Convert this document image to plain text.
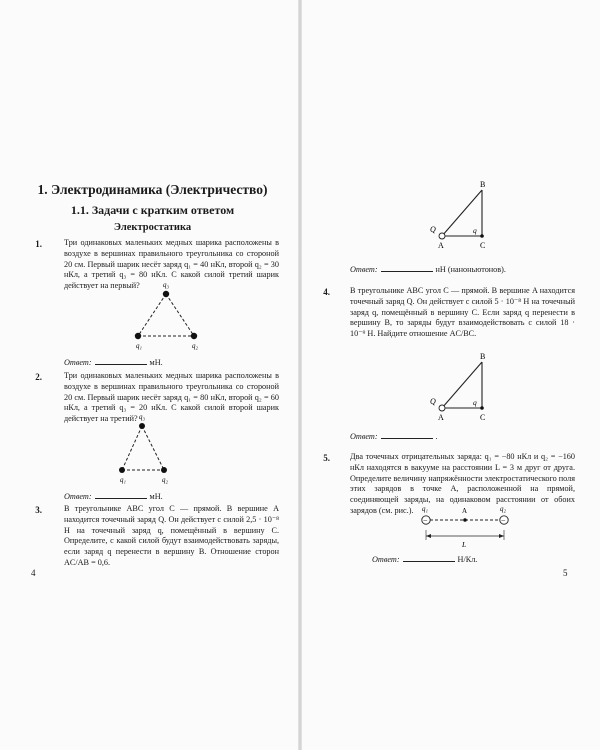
1. Электродинамика (Электричество)
1.1. Задачи с кратким ответом
Электростатика
1.	Три одинаковых маленьких медных шарика расположены в воздухе в вершинах правильного треугольника со стороной 20 см. Первый шарик несёт заряд q₁ = 40 нКл, второй q₂ = 30 нКл, а третий q₃ = 80 нКл. С какой силой третий шарик действует на первый?	q₃
q₁	q₂
Ответ:	мН.
2.	Три одинаковых маленьких медных шарика расположены в воздухе в вершинах правильного треугольника со стороной 20 см. Первый шарик несёт заряд q₁ = 80 нКл, второй q₂ = 60 нКл, а третий q₃ = 20 нКл. С какой силой второй шарик действует на третий? q₃
q₁	q₂
Ответ:	мН.
3.	В треугольнике ABC угол C — прямой. В вершине A находится точечный заряд Q. Он действует с силой 2,5 · 10⁻⁸ Н на точечный заряд q, помещённый в вершину C. Определите, с какой силой будут взаимодействовать заряды, если заряд q перенести в вершину B. Отношение сторон AC/AB = 0,6.
4
B
Q	q
A	C
Ответ:	нН (наноньютонов).
4. В треугольнике ABC угол C — прямой. В вершине A находится точечный заряд Q. Он действует с силой 5 · 10⁻⁸ Н на точечный заряд q, помещённый в вершину C. Если заряд q перенести в вершину B, то заряды будут взаимодействовать с силой 18 · 10⁻⁹ Н. Найдите отношение AC/BC.
B
Q	q
A	C
Ответ:	.
5. Два точечных отрицательных заряда: q₁ = −80 нКл и q₂ = −160 нКл находятся в вакууме на расстоянии L = 3 м друг от друга. Определите величину напряжённости электростатического поля этих зарядов в точке A, расположенной на прямой, соединяющей заряды, на одинаковом расстоянии от обоих зарядов (см. рис.).
−	−
q₁	A	q₂
L
Ответ:	Н/Кл.
5
